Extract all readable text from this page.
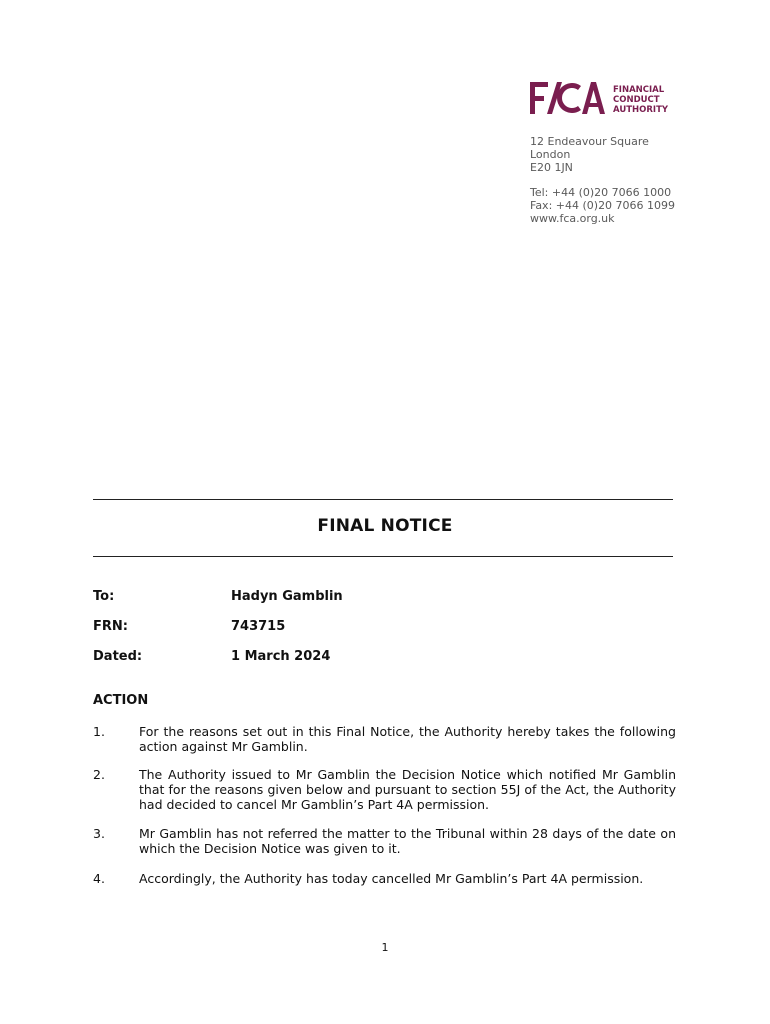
FINANCIAL
CONDUCT
AUTHORITY
12 Endeavour Square
London
E20 1JN
Tel: +44 (0)20 7066 1000
Fax: +44 (0)20 7066 1099
www.fca.org.uk
FINAL NOTICE
To:	Hadyn Gamblin
FRN:	743715
Dated:	1 March 2024
ACTION
1.	For the reasons set out in this Final Notice, the Authority hereby takes the following action against Mr Gamblin.
2.	The Authority issued to Mr Gamblin the Decision Notice which notified Mr Gamblin that for the reasons given below and pursuant to section 55J of the Act, the Authority had decided to cancel Mr Gamblin’s Part 4A permission.
3.	Mr Gamblin has not referred the matter to the Tribunal within 28 days of the date on which the Decision Notice was given to it.
4.	Accordingly, the Authority has today cancelled Mr Gamblin’s Part 4A permission.
1
